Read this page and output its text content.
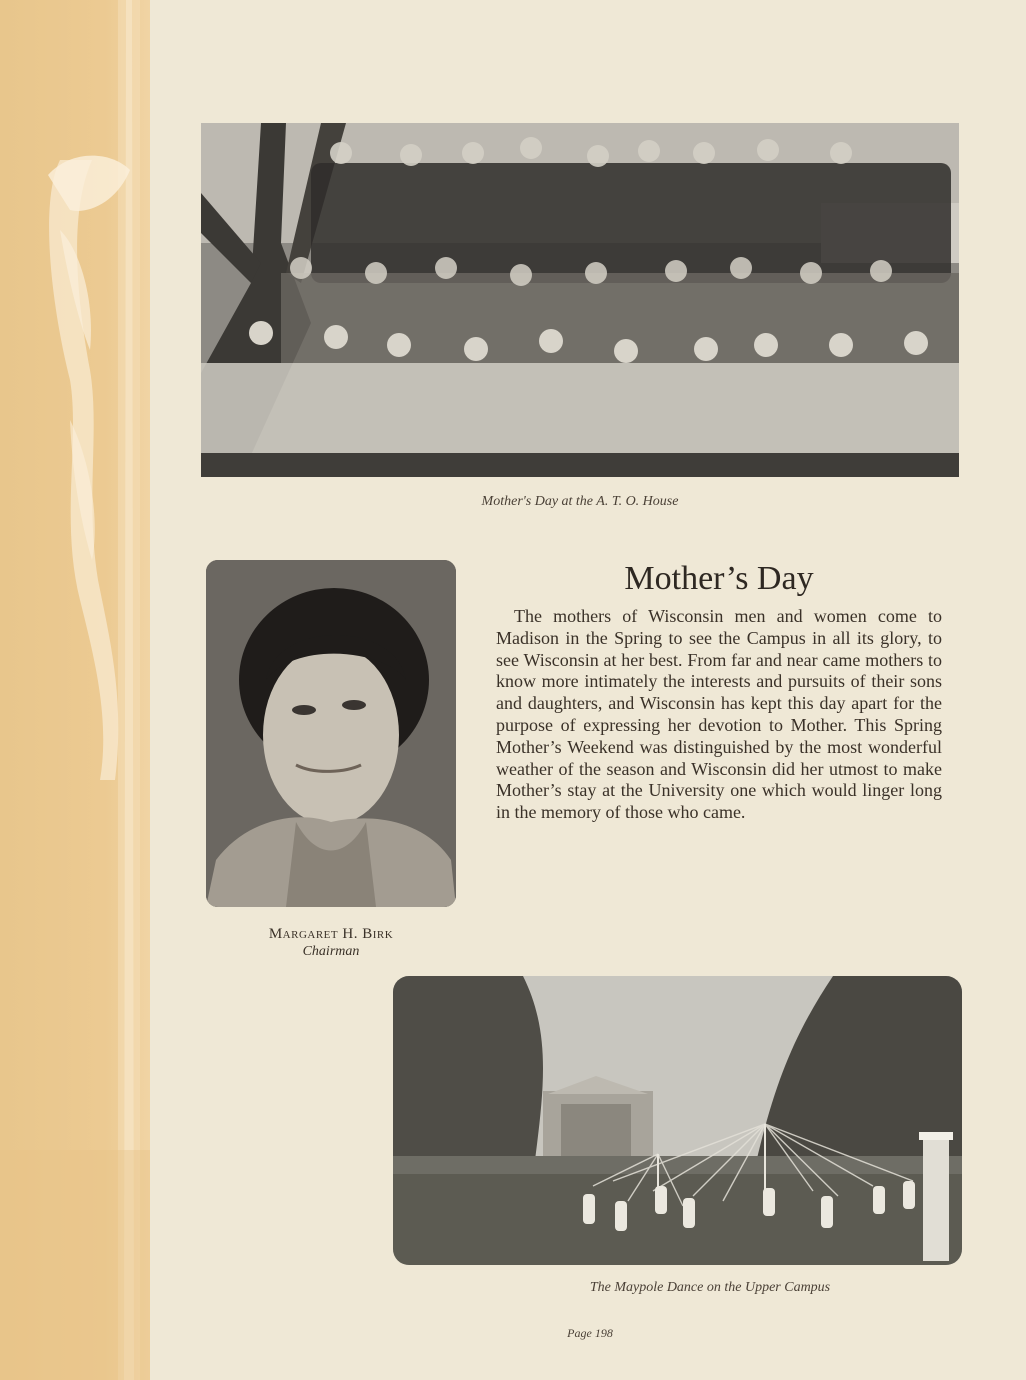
Mother's Day at the A. T. O. House
Margaret H. Birk
Chairman
Mother’s Day

The mothers of Wisconsin men and women come to Madison in the Spring to see the Campus in all its glory, to see Wisconsin at her best. From far and near came mothers to know more intimately the interests and pursuits of their sons and daughters, and Wisconsin has kept this day apart for the purpose of expressing her devotion to Mother. This Spring Mother’s Weekend was distinguished by the most wonderful weather of the season and Wisconsin did her utmost to make Mother’s stay at the University one which would linger long in the memory of those who came.

The Maypole Dance on the Upper Campus
Page 198
